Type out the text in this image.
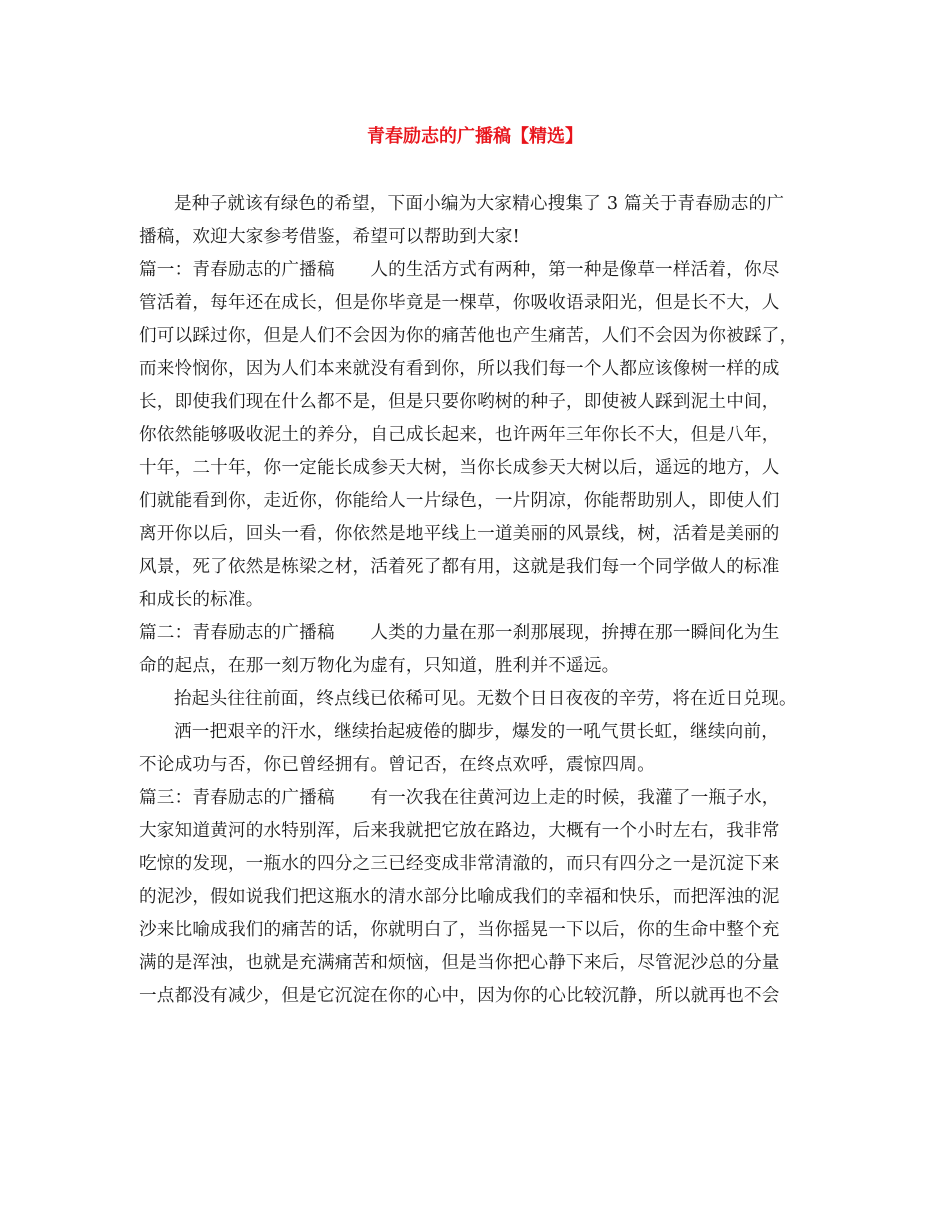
青春励志的广播稿【精选】
是种子就该有绿色的希望，下面小编为大家精心搜集了 3 篇关于青春励志的广
播稿，欢迎大家参考借鉴，希望可以帮助到大家!
篇一：青春励志的广播稿　　人的生活方式有两种，第一种是像草一样活着，你尽
管活着，每年还在成长，但是你毕竟是一棵草，你吸收语录阳光，但是长不大，人
们可以踩过你，但是人们不会因为你的痛苦他也产生痛苦，人们不会因为你被踩了，
而来怜悯你，因为人们本来就没有看到你，所以我们每一个人都应该像树一样的成
长，即使我们现在什么都不是，但是只要你哟树的种子，即使被人踩到泥土中间，
你依然能够吸收泥土的养分，自己成长起来，也许两年三年你长不大，但是八年，
十年，二十年，你一定能长成参天大树，当你长成参天大树以后，遥远的地方，人
们就能看到你，走近你，你能给人一片绿色，一片阴凉，你能帮助别人，即使人们
离开你以后，回头一看，你依然是地平线上一道美丽的风景线，树，活着是美丽的
风景，死了依然是栋梁之材，活着死了都有用，这就是我们每一个同学做人的标准
和成长的标准。
篇二：青春励志的广播稿　　人类的力量在那一刹那展现，拚搏在那一瞬间化为生
命的起点，在那一刻万物化为虚有，只知道，胜利并不遥远。
抬起头往往前面，终点线已依稀可见。无数个日日夜夜的辛劳，将在近日兑现。
洒一把艰辛的汗水，继续抬起疲倦的脚步，爆发的一吼气贯长虹，继续向前，
不论成功与否，你已曾经拥有。曾记否，在终点欢呼，震惊四周。
篇三：青春励志的广播稿　　有一次我在往黄河边上走的时候，我灌了一瓶子水，
大家知道黄河的水特别浑，后来我就把它放在路边，大概有一个小时左右，我非常
吃惊的发现，一瓶水的四分之三已经变成非常清澈的，而只有四分之一是沉淀下来
的泥沙，假如说我们把这瓶水的清水部分比喻成我们的幸福和快乐，而把浑浊的泥
沙来比喻成我们的痛苦的话，你就明白了，当你摇晃一下以后，你的生命中整个充
满的是浑浊，也就是充满痛苦和烦恼，但是当你把心静下来后，尽管泥沙总的分量
一点都没有减少，但是它沉淀在你的心中，因为你的心比较沉静，所以就再也不会
